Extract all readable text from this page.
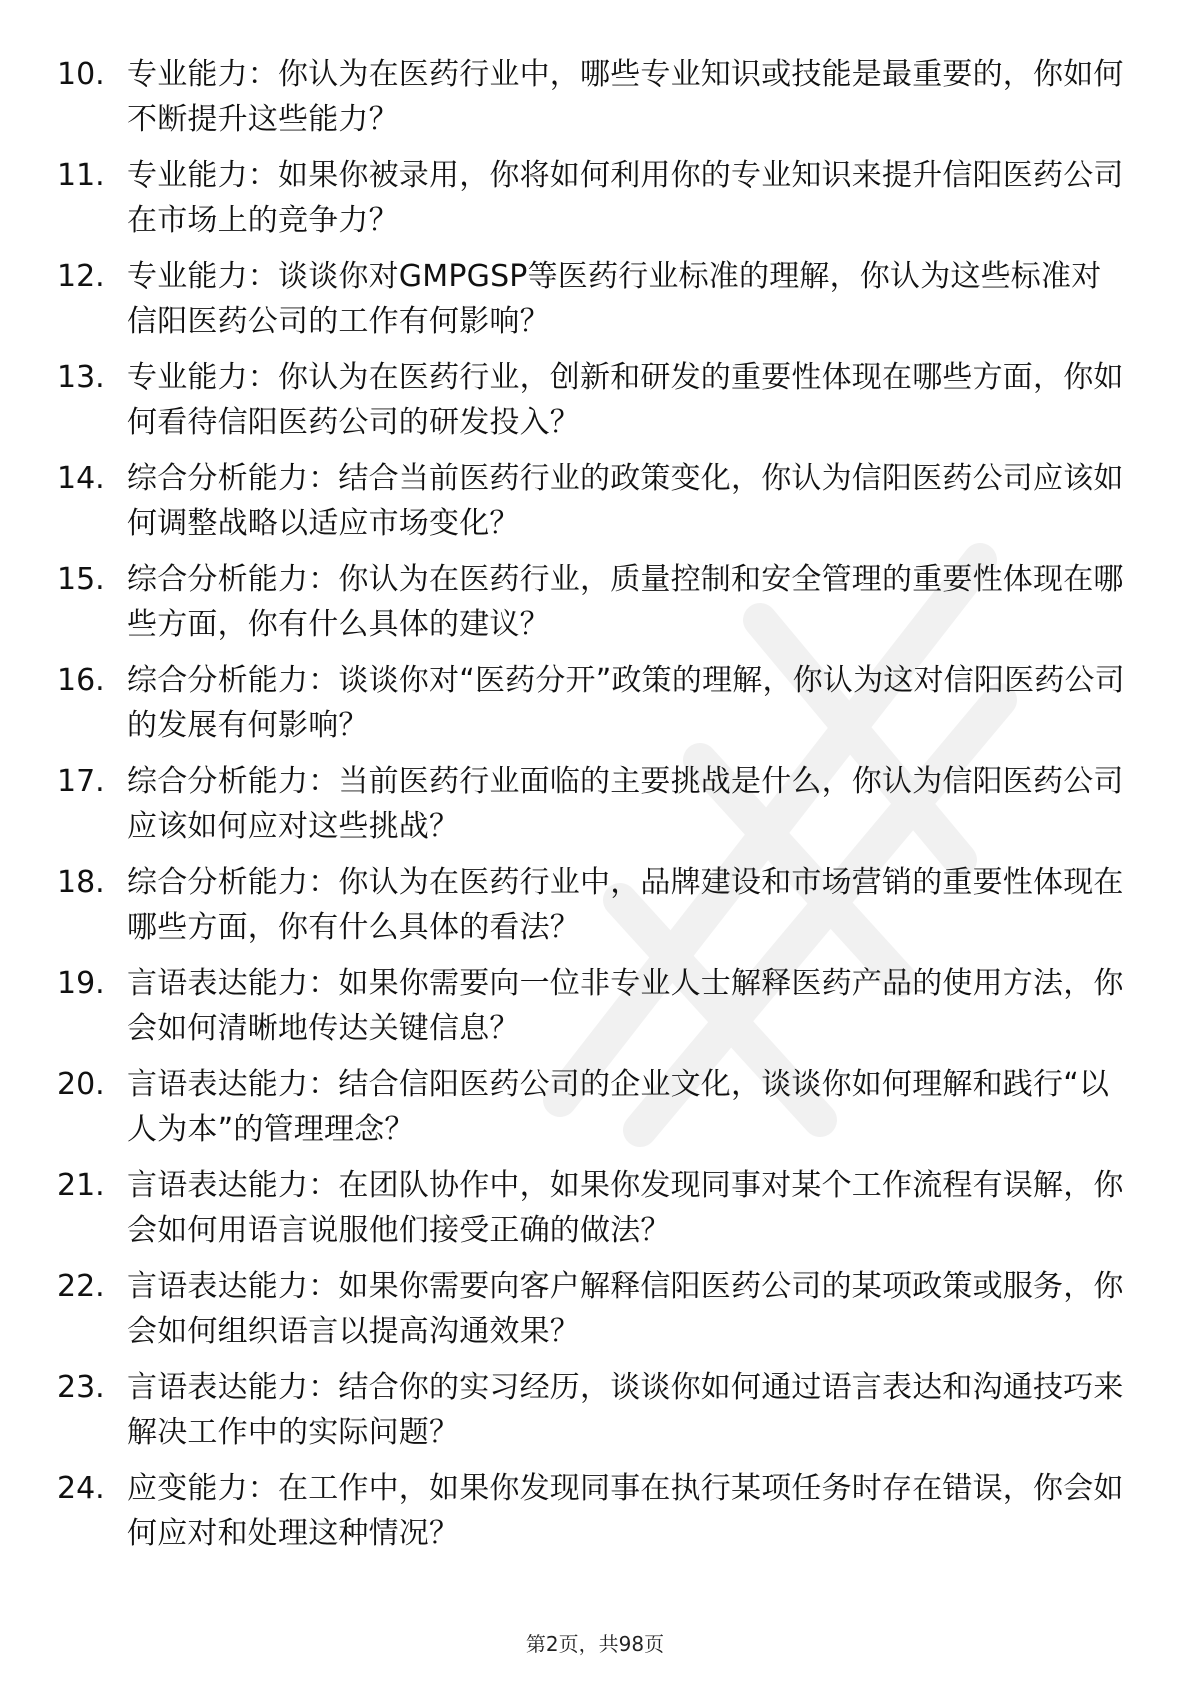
10. 专业能力：你认为在医药行业中，哪些专业知识或技能是最重要的，你如何不断提升这些能力？
11. 专业能力：如果你被录用，你将如何利用你的专业知识来提升信阳医药公司在市场上的竞争力？
12. 专业能力：谈谈你对GMPGSP等医药行业标准的理解，你认为这些标准对信阳医药公司的工作有何影响？
13. 专业能力：你认为在医药行业，创新和研发的重要性体现在哪些方面，你如何看待信阳医药公司的研发投入？
14. 综合分析能力：结合当前医药行业的政策变化，你认为信阳医药公司应该如何调整战略以适应市场变化？
15. 综合分析能力：你认为在医药行业，质量控制和安全管理的重要性体现在哪些方面，你有什么具体的建议？
16. 综合分析能力：谈谈你对“医药分开”政策的理解，你认为这对信阳医药公司的发展有何影响？
17. 综合分析能力：当前医药行业面临的主要挑战是什么，你认为信阳医药公司应该如何应对这些挑战？
18. 综合分析能力：你认为在医药行业中，品牌建设和市场营销的重要性体现在哪些方面，你有什么具体的看法？
19. 言语表达能力：如果你需要向一位非专业人士解释医药产品的使用方法，你会如何清晰地传达关键信息？
20. 言语表达能力：结合信阳医药公司的企业文化，谈谈你如何理解和践行“以人为本”的管理理念？
21. 言语表达能力：在团队协作中，如果你发现同事对某个工作流程有误解，你会如何用语言说服他们接受正确的做法？
22. 言语表达能力：如果你需要向客户解释信阳医药公司的某项政策或服务，你会如何组织语言以提高沟通效果？
23. 言语表达能力：结合你的实习经历，谈谈你如何通过语言表达和沟通技巧来解决工作中的实际问题？
24. 应变能力：在工作中，如果你发现同事在执行某项任务时存在错误，你会如何应对和处理这种情况？
第2页，共98页
